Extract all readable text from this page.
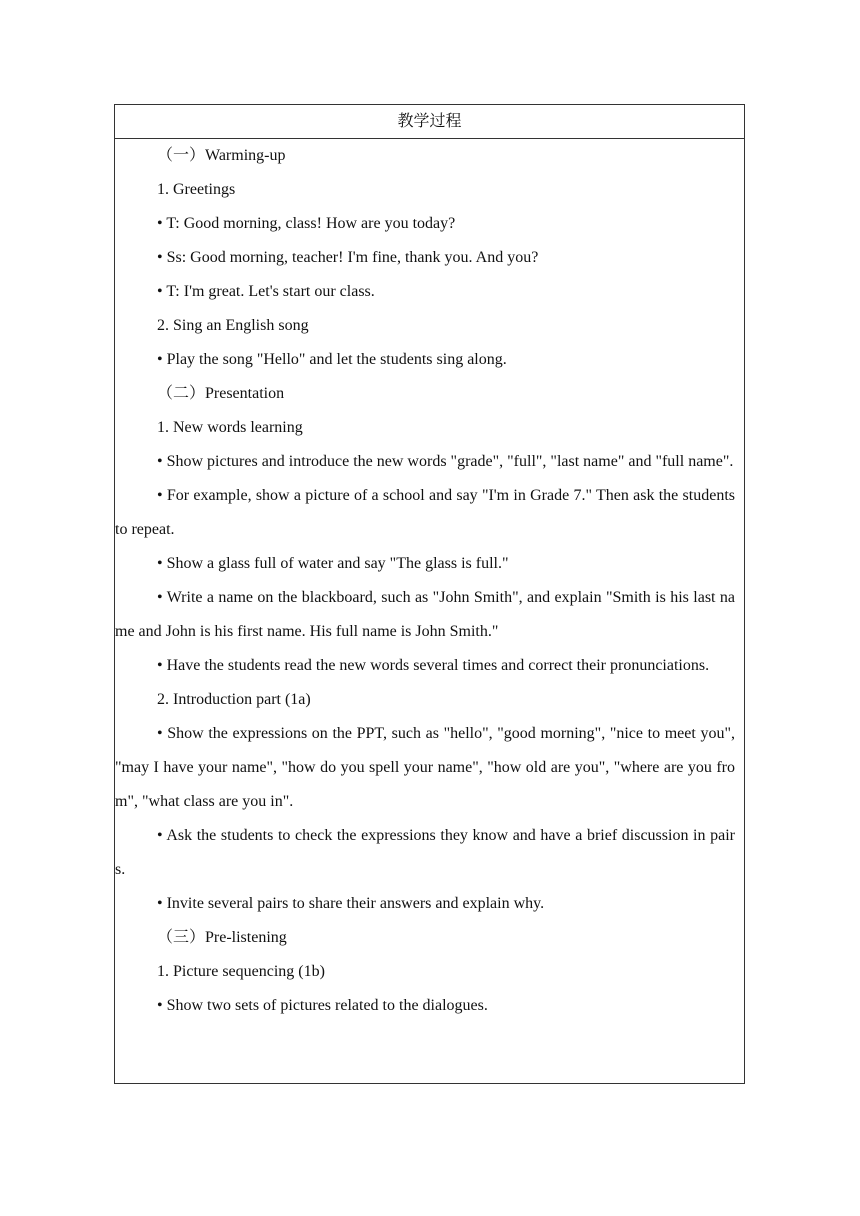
教学过程

（一）Warming-up

1. Greetings

• T: Good morning, class! How are you today?

• Ss: Good morning, teacher! I'm fine, thank you. And you?

• T: I'm great. Let's start our class.

2. Sing an English song

• Play the song "Hello" and let the students sing along.

（二）Presentation

1. New words learning

• Show pictures and introduce the new words "grade", "full", "last name" and "full name".

• For example, show a picture of a school and say "I'm in Grade 7." Then ask the students to repeat.

• Show a glass full of water and say "The glass is full."

• Write a name on the blackboard, such as "John Smith", and explain "Smith is his last name and John is his first name. His full name is John Smith."

• Have the students read the new words several times and correct their pronunciations.

2. Introduction part (1a)

• Show the expressions on the PPT, such as "hello", "good morning", "nice to meet you", "may I have your name", "how do you spell your name", "how old are you", "where are you from", "what class are you in".

• Ask the students to check the expressions they know and have a brief discussion in pairs.

• Invite several pairs to share their answers and explain why.

（三）Pre-listening

1. Picture sequencing (1b)

• Show two sets of pictures related to the dialogues.
